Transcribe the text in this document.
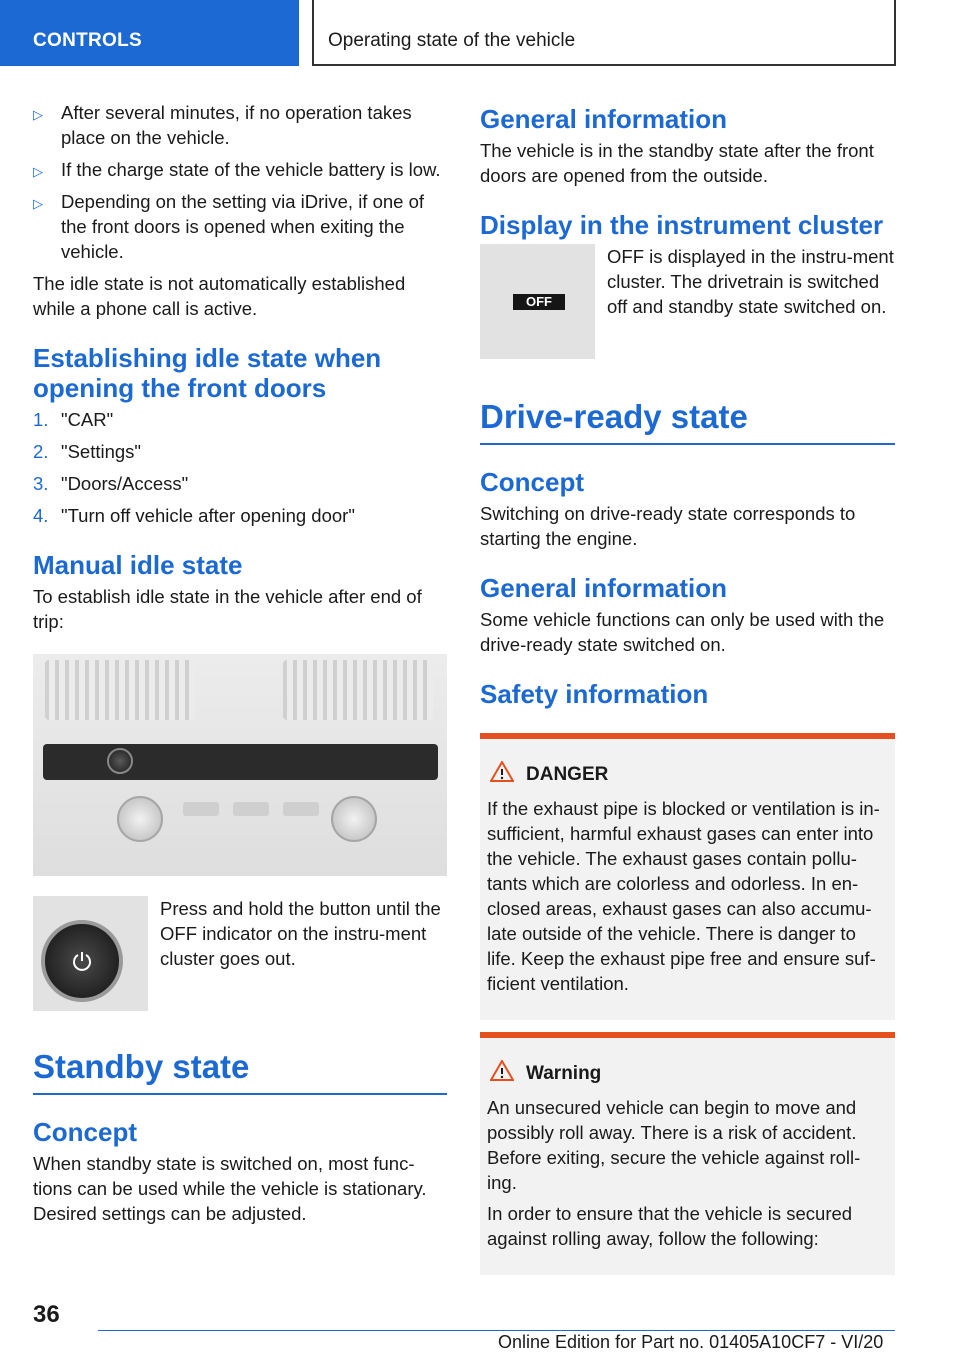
CONTROLS	Operating state of the vehicle
▷ After several minutes, if no operation takes place on the vehicle.
▷ If the charge state of the vehicle battery is low.
▷ Depending on the setting via iDrive, if one of the front doors is opened when exiting the vehicle.

The idle state is not automatically established while a phone call is active.

Establishing idle state when opening the front doors
1. "CAR"
2. "Settings"
3. "Doors/Access"
4. "Turn off vehicle after opening door"
Manual idle state

To establish idle state in the vehicle after end of trip:

Press and hold the button until the OFF indicator on the instru-ment cluster goes out.
Standby state
Concept

When standby state is switched on, most func-tions can be used while the vehicle is stationary. Desired settings can be adjusted.

General information

The vehicle is in the standby state after the front doors are opened from the outside.

Display in the instrument cluster
OFF
OFF is displayed in the instru-ment cluster. The drivetrain is switched off and standby state switched on.
Drive-ready state
Concept

Switching on drive-ready state corresponds to starting the engine.

General information

Some vehicle functions can only be used with the drive-ready state switched on.

Safety information
DANGER

If the exhaust pipe is blocked or ventilation is in-sufficient, harmful exhaust gases can enter into the vehicle. The exhaust gases contain pollu-tants which are colorless and odorless. In en-closed areas, exhaust gases can also accumu-late outside of the vehicle. There is danger to life. Keep the exhaust pipe free and ensure suf-ficient ventilation.

Warning

An unsecured vehicle can begin to move and possibly roll away. There is a risk of accident. Before exiting, secure the vehicle against roll-ing.

In order to ensure that the vehicle is secured against rolling away, follow the following:

36
Online Edition for Part no. 01405A10CF7 - VI/20
